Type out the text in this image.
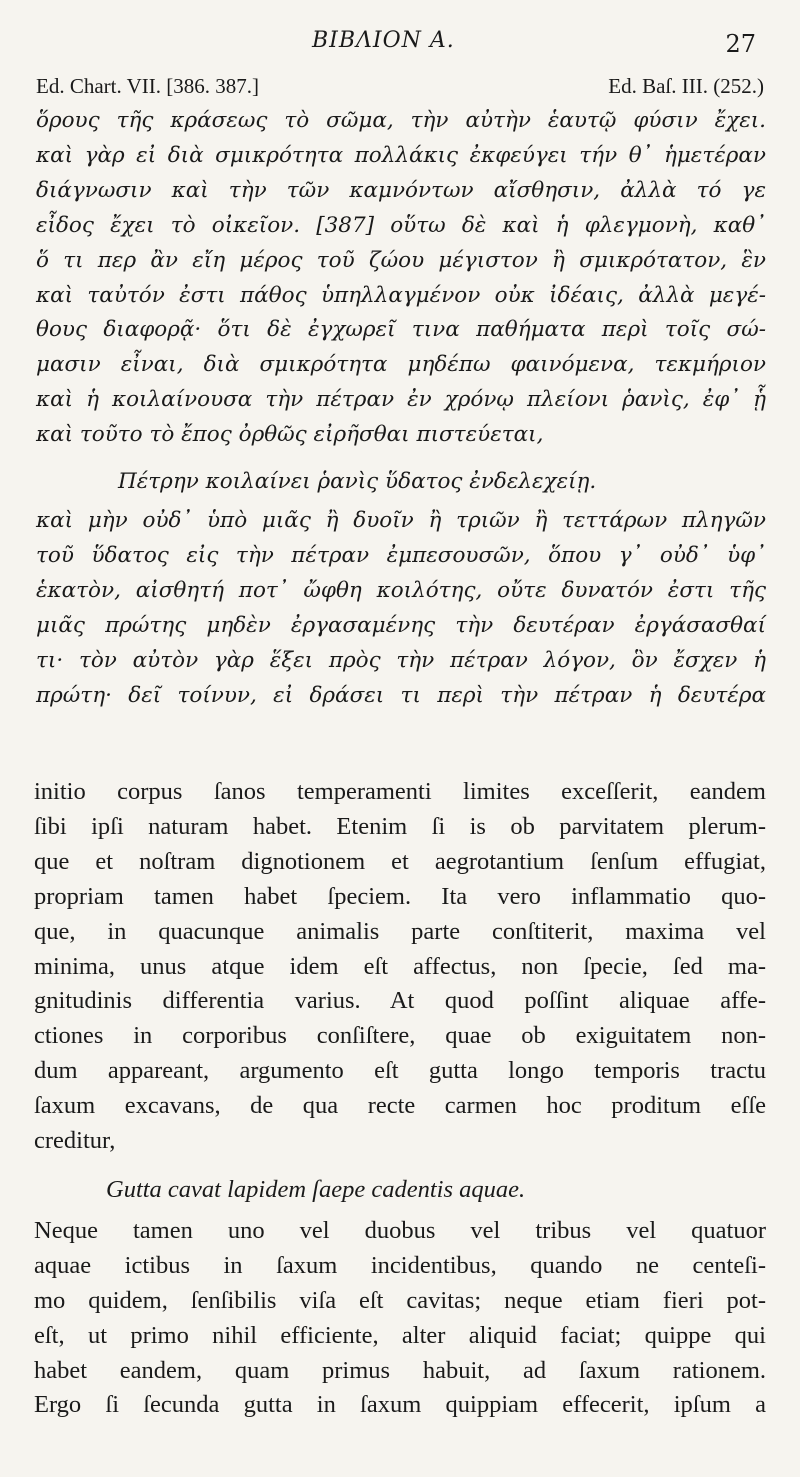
ΒΙΒΛΙΟΝ Α.	27
Ed. Chart. VII. [386. 387.]	Ed. Baſ. III. (252.)
ὅρους τῆς κράσεως τὸ σῶμα, τὴν αὐτὴν ἑαυτῷ φύσιν ἔχει.
καὶ γὰρ εἰ διὰ σμικρότητα πολλάκις ἐκφεύγει τήν θ᾽ ἡμετέραν
διάγνωσιν καὶ τὴν τῶν καμνόντων αἴσθησιν, ἀλλὰ τό γε
εἶδος ἔχει τὸ οἰκεῖον. [387] οὕτω δὲ καὶ ἡ φλεγμονὴ, καθ᾽
ὅ τι περ ἂν εἴη μέρος τοῦ ζώου μέγιστον ἢ σμικρότατον, ἓν
καὶ ταὐτόν ἐστι πάθος ὑπηλλαγμένον οὐκ ἰδέαις, ἀλλὰ μεγέ-
θους διαφορᾷ· ὅτι δὲ ἐγχωρεῖ τινα παθήματα περὶ τοῖς σώ-
μασιν εἶναι, διὰ σμικρότητα μηδέπω φαινόμενα, τεκμήριον
καὶ ἡ κοιλαίνουσα τὴν πέτραν ἐν χρόνῳ πλείονι ῥανὶς, ἐφ᾽ ᾗ
καὶ τοῦτο τὸ ἔπος ὀρθῶς εἰρῆσθαι πιστεύεται,
Πέτρην κοιλαίνει ῥανὶς ὕδατος ἐνδελεχείῃ.
καὶ μὴν οὐδ᾽ ὑπὸ μιᾶς ἢ δυοῖν ἢ τριῶν ἢ τεττάρων πληγῶν
τοῦ ὕδατος εἰς τὴν πέτραν ἐμπεσουσῶν, ὅπου γ᾽ οὐδ᾽ ὑφ᾽
ἑκατὸν, αἰσθητή ποτ᾽ ὤφθη κοιλότης, οὔτε δυνατόν ἐστι τῆς
μιᾶς πρώτης μηδὲν ἐργασαμένης τὴν δευτέραν ἐργάσασθαί
τι· τὸν αὐτὸν γὰρ ἕξει πρὸς τὴν πέτραν λόγον, ὃν ἔσχεν ἡ
πρώτη· δεῖ τοίνυν, εἰ δράσει τι περὶ τὴν πέτραν ἡ δευτέρα
initio corpus ſanos temperamenti limites exceſſerit, eandem
ſibi ipſi naturam habet. Etenim ſi is ob parvitatem plerum-
que et noſtram dignotionem et aegrotantium ſenſum effugiat,
propriam tamen habet ſpeciem. Ita vero inflammatio quo-
que, in quacunque animalis parte conſtiterit, maxima vel
minima, unus atque idem eſt affectus, non ſpecie, ſed ma-
gnitudinis differentia varius. At quod poſſint aliquae affe-
ctiones in corporibus conſiſtere, quae ob exiguitatem non-
dum appareant, argumento eſt gutta longo temporis tractu
ſaxum excavans, de qua recte carmen hoc proditum eſſe
creditur,
Gutta cavat lapidem ſaepe cadentis aquae.
Neque tamen uno vel duobus vel tribus vel quatuor
aquae ictibus in ſaxum incidentibus, quando ne centeſi-
mo quidem, ſenſibilis viſa eſt cavitas; neque etiam fieri pot-
eſt, ut primo nihil efficiente, alter aliquid faciat; quippe qui
habet eandem, quam primus habuit, ad ſaxum rationem.
Ergo ſi ſecunda gutta in ſaxum quippiam effecerit, ipſum a
